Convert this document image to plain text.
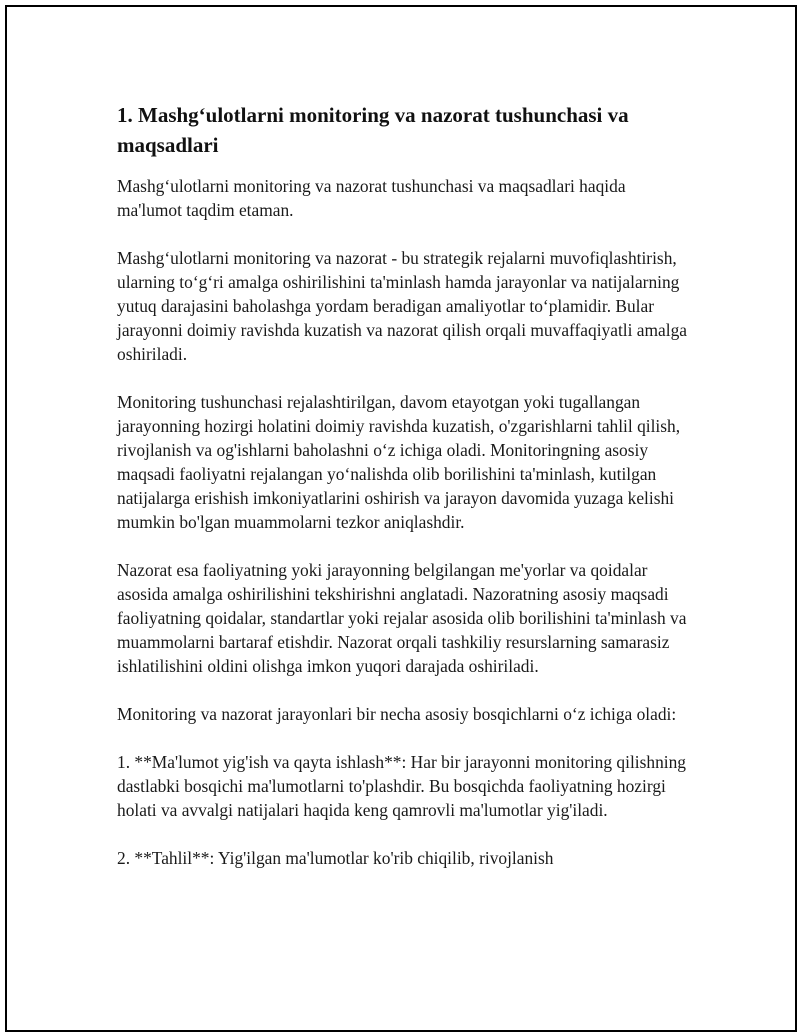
1. Mashg‘ulotlarni monitoring va nazorat tushunchasi va maqsadlari

Mashg‘ulotlarni monitoring va nazorat tushunchasi va maqsadlari haqida ma'lumot taqdim etaman.

Mashg‘ulotlarni monitoring va nazorat - bu strategik rejalarni muvofiqlashtirish, ularning to‘g‘ri amalga oshirilishini ta'minlash hamda jarayonlar va natijalarning yutuq darajasini baholashga yordam beradigan amaliyotlar to‘plamidir. Bular jarayonni doimiy ravishda kuzatish va nazorat qilish orqali muvaffaqiyatli amalga oshiriladi.

Monitoring tushunchasi rejalashtirilgan, davom etayotgan yoki tugallangan jarayonning hozirgi holatini doimiy ravishda kuzatish, o'zgarishlarni tahlil qilish, rivojlanish va og'ishlarni baholashni o‘z ichiga oladi. Monitoringning asosiy maqsadi faoliyatni rejalangan yo‘nalishda olib borilishini ta'minlash, kutilgan natijalarga erishish imkoniyatlarini oshirish va jarayon davomida yuzaga kelishi mumkin bo'lgan muammolarni tezkor aniqlashdir.

Nazorat esa faoliyatning yoki jarayonning belgilangan me'yorlar va qoidalar asosida amalga oshirilishini tekshirishni anglatadi. Nazoratning asosiy maqsadi faoliyatning qoidalar, standartlar yoki rejalar asosida olib borilishini ta'minlash va muammolarni bartaraf etishdir. Nazorat orqali tashkiliy resurslarning samarasiz ishlatilishini oldini olishga imkon yuqori darajada oshiriladi.

Monitoring va nazorat jarayonlari bir necha asosiy bosqichlarni o‘z ichiga oladi:

1. **Ma'lumot yig'ish va qayta ishlash**: Har bir jarayonni monitoring qilishning dastlabki bosqichi ma'lumotlarni to'plashdir. Bu bosqichda faoliyatning hozirgi holati va avvalgi natijalari haqida keng qamrovli ma'lumotlar yig'iladi.

2. **Tahlil**: Yig'ilgan ma'lumotlar ko'rib chiqilib, rivojlanish
